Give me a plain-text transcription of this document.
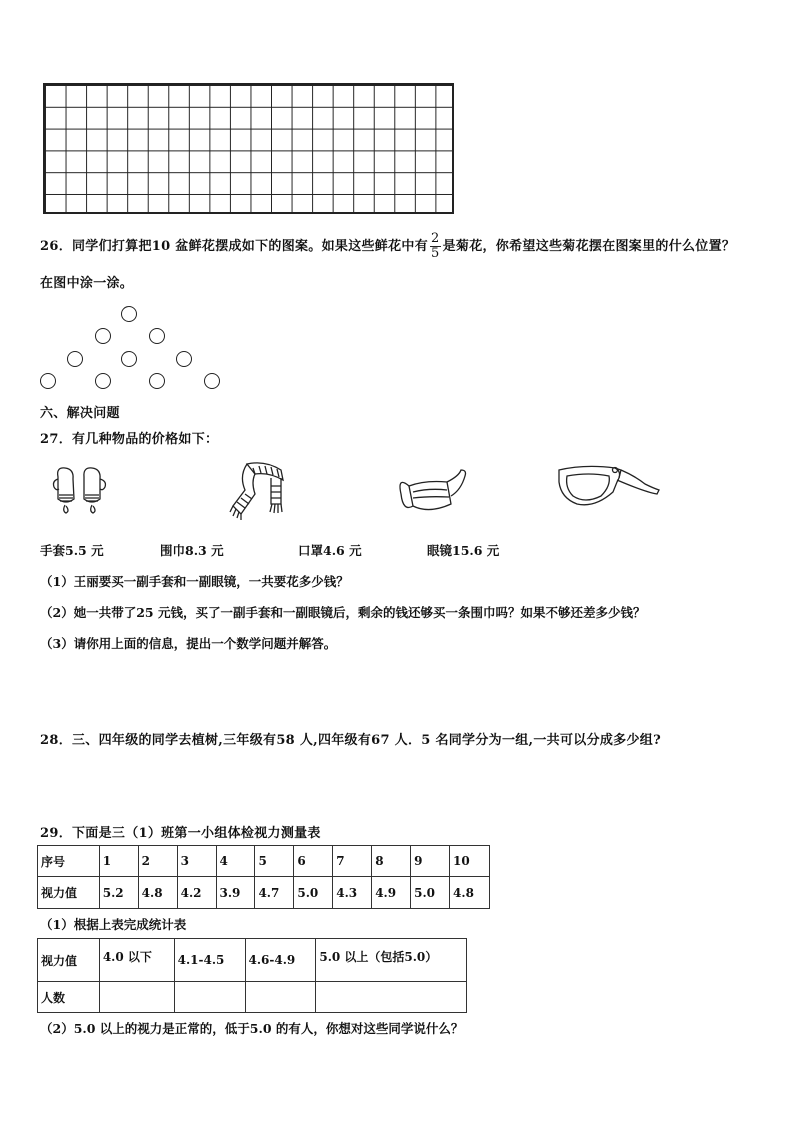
26．同学们打算把10 盆鲜花摆成如下的图案。如果这些鲜花中有 $\frac{2}{5}$ 是菊花，你希望这些菊花摆在图案里的什么位置？
在图中涂一涂。
六、解决问题
27．有几种物品的价格如下：
手套5.5 元	围巾8.3 元	口罩4.6 元	眼镜15.6 元
（1）王丽要买一副手套和一副眼镜，一共要花多少钱？
（2）她一共带了25 元钱，买了一副手套和一副眼镜后，剩余的钱还够买一条围巾吗？如果不够还差多少钱？
（3）请你用上面的信息，提出一个数学问题并解答。
28．三、四年级的同学去植树,三年级有58 人,四年级有67 人．5 名同学分为一组,一共可以分成多少组?
29．下面是三（1）班第一小组体检视力测量表
序号	1	2	3	4	5	6	7	8	9	10
视力值	5.2	4.8	4.2	3.9	4.7	5.0	4.3	4.9	5.0	4.8
（1）根据上表完成统计表
视力值	4.0 以下	4.1-4.5	4.6-4.9	5.0 以上（包括5.0）
人数				
（2）5.0 以上的视力是正常的，低于5.0 的有人，你想对这些同学说什么？
